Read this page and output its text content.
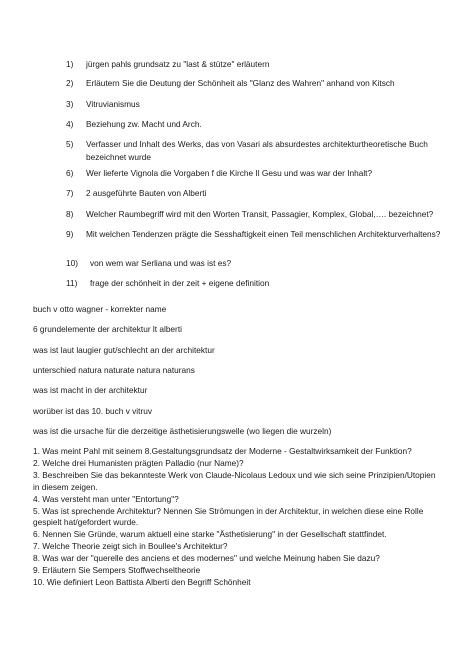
1)	jürgen pahls grundsatz zu "last & stütze" erläutern
2)	Erläutern Sie die Deutung der Schönheit als "Glanz des Wahren" anhand von Kitsch
3)	Vitruvianismus
4)	Beziehung zw. Macht und Arch.
5)	Verfasser und Inhalt des Werks, das von Vasari als absurdestes architekturtheoretische Buch bezeichnet wurde
6)	Wer lieferte Vignola die Vorgaben f die Kirche Il Gesu und was war der Inhalt?
7)	2 ausgeführte Bauten von Alberti
8)	Welcher Raumbegriff wird mit den Worten Transit, Passagier, Komplex, Global,…. bezeichnet?
9)	Mit welchen Tendenzen prägte die Sesshaftigkeit einen Teil menschlichen Architekturverhaltens?
10)	von wem war Serliana und was ist es?
11)	frage der schönheit in der zeit + eigene definition
buch v otto wagner - korrekter name
6 grundelemente der architektur lt alberti
was ist laut laugier gut/schlecht an der architektur
unterschied natura naturate natura naturans
was ist macht in der architektur
worüber ist das 10. buch v vitruv
was ist die ursache für die derzeitige ästhetisierungswelle (wo liegen die wurzeln)
1. Was meint Pahl mit seinem 8.Gestaltungsgrundsatz der Moderne - Gestaltwirksamkeit der Funktion?
2. Welche drei Humanisten prägten Palladio (nur Name)?
3. Beschreiben Sie das bekannteste Werk von Claude-Nicolaus Ledoux und wie sich seine Prinzipien/Utopien in diesem zeigen.
4. Was versteht man unter "Entortung"?
5. Was ist sprechende Architektur? Nennen Sie Strömungen in der Architektur, in welchen diese eine Rolle gespielt hat/gefordert wurde.
6. Nennen Sie Gründe, warum aktuell eine starke "Ästhetisierung" in der Gesellschaft stattfindet.
7. Welche Theorie zeigt sich in Boullee's Architektur?
8. Was war der "querelle des anciens et des modernes" und welche Meinung haben Sie dazu?
9. Erläutern Sie Sempers Stoffwechseltheorie
10. Wie definiert Leon Battista Alberti den Begriff Schönheit
